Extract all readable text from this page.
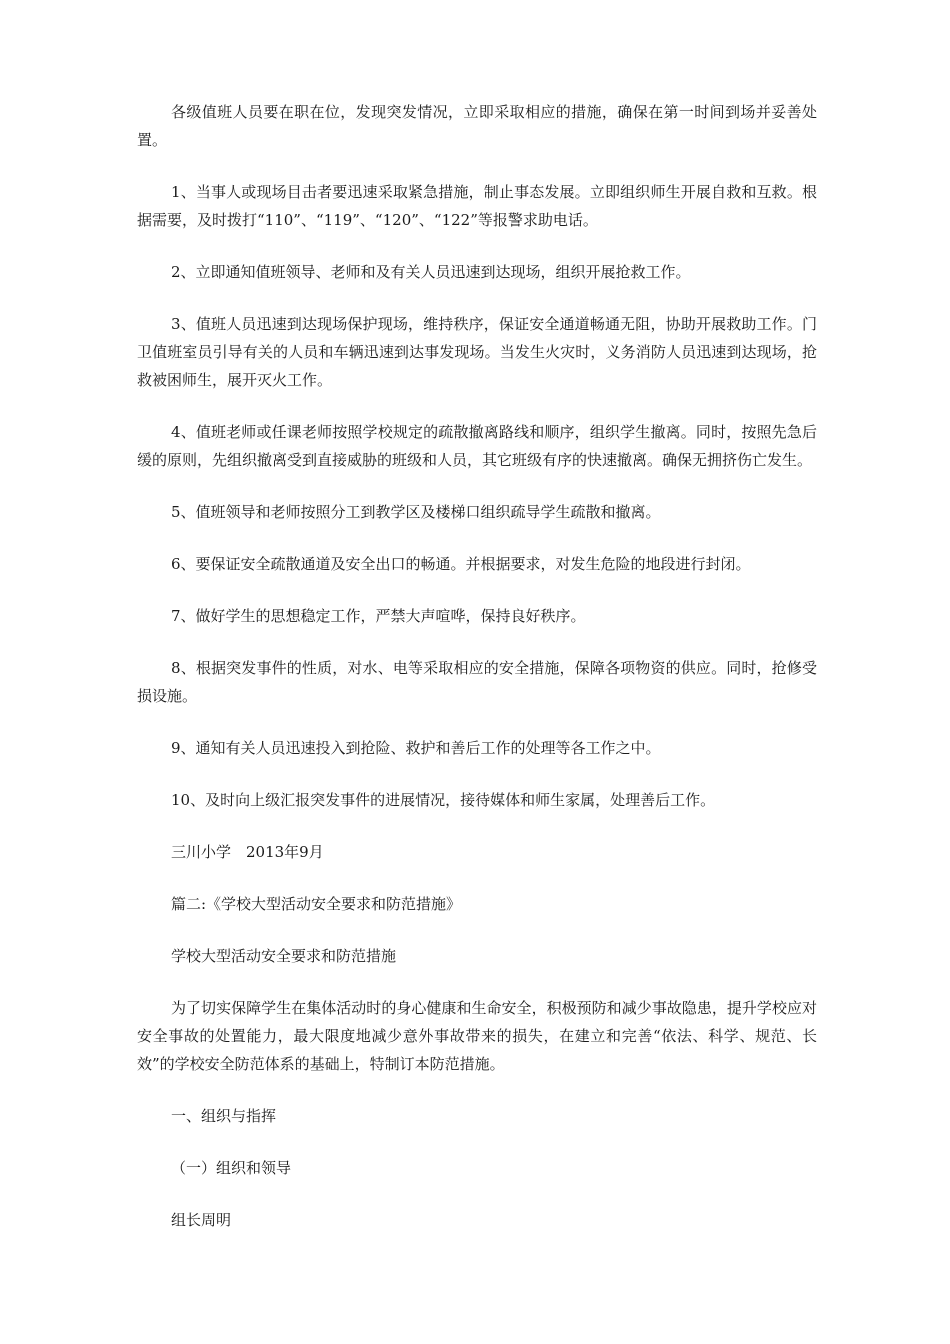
各级值班人员要在职在位，发现突发情况，立即采取相应的措施，确保在第一时间到场并妥善处置。

1、当事人或现场目击者要迅速采取紧急措施，制止事态发展。立即组织师生开展自救和互救。根据需要，及时拨打“110”、“119”、“120”、“122”等报警求助电话。

2、立即通知值班领导、老师和及有关人员迅速到达现场，组织开展抢救工作。

3、值班人员迅速到达现场保护现场，维持秩序，保证安全通道畅通无阻，协助开展救助工作。门卫值班室员引导有关的人员和车辆迅速到达事发现场。当发生火灾时，义务消防人员迅速到达现场，抢救被困师生，展开灭火工作。

4、值班老师或任课老师按照学校规定的疏散撤离路线和顺序，组织学生撤离。同时，按照先急后缓的原则，先组织撤离受到直接威胁的班级和人员，其它班级有序的快速撤离。确保无拥挤伤亡发生。

5、值班领导和老师按照分工到教学区及楼梯口组织疏导学生疏散和撤离。

6、要保证安全疏散通道及安全出口的畅通。并根据要求，对发生危险的地段进行封闭。

7、做好学生的思想稳定工作，严禁大声喧哗，保持良好秩序。

8、根据突发事件的性质，对水、电等采取相应的安全措施，保障各项物资的供应。同时，抢修受损设施。

9、通知有关人员迅速投入到抢险、救护和善后工作的处理等各工作之中。

10、及时向上级汇报突发事件的进展情况，接待媒体和师生家属，处理善后工作。

三川小学　2013年9月

篇二:《学校大型活动安全要求和防范措施》

学校大型活动安全要求和防范措施

为了切实保障学生在集体活动时的身心健康和生命安全，积极预防和减少事故隐患，提升学校应对安全事故的处置能力，最大限度地减少意外事故带来的损失，在建立和完善“依法、科学、规范、长效”的学校安全防范体系的基础上，特制订本防范措施。

一、组织与指挥

（一）组织和领导

组长周明
